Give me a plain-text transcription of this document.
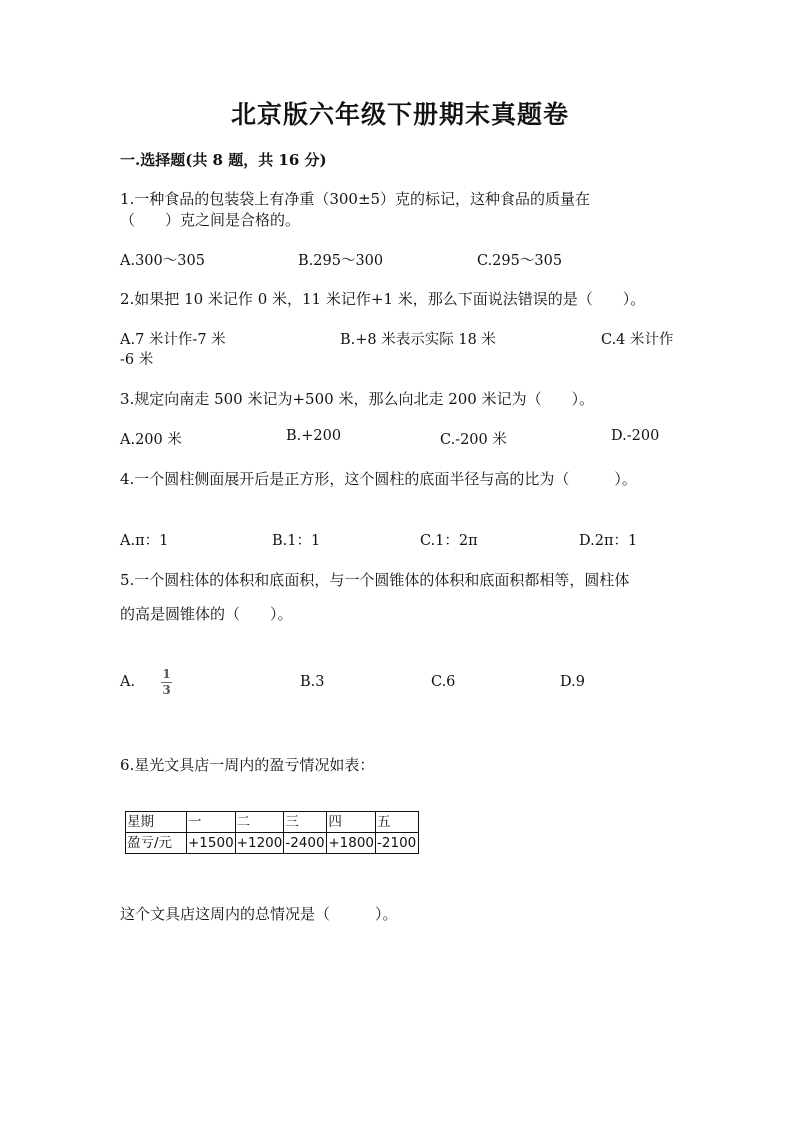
北京版六年级下册期末真题卷
一.选择题(共 8 题，共 16 分)
1.一种食品的包装袋上有净重（300±5）克的标记，这种食品的质量在
（　　）克之间是合格的。
A.300～305	B.295～300	C.295～305
2.如果把 10 米记作 0 米，11 米记作+1 米，那么下面说法错误的是（　　）。
A.7 米计作-7 米	B.+8 米表示实际 18 米	C.4 米计作
-6 米
3.规定向南走 500 米记为+500 米，那么向北走 200 米记为（　　）。
A.200 米	B.+200	C.-200 米	D.-200
4.一个圆柱侧面展开后是正方形，这个圆柱的底面半径与高的比为（　　　）。
A.π：1	B.1：1	C.1：2π	D.2π：1
5.一个圆柱体的体积和底面积，与一个圆锥体的体积和底面积都相等，圆柱体
的高是圆锥体的（　　）。
A. 1
3	B.3	C.6	D.9
6.星光文具店一周内的盈亏情况如表：
星期	一	二	三	四	五
盈亏/元	+1500	+1200	-2400	+1800	-2100
这个文具店这周内的总情况是（　　　）。
